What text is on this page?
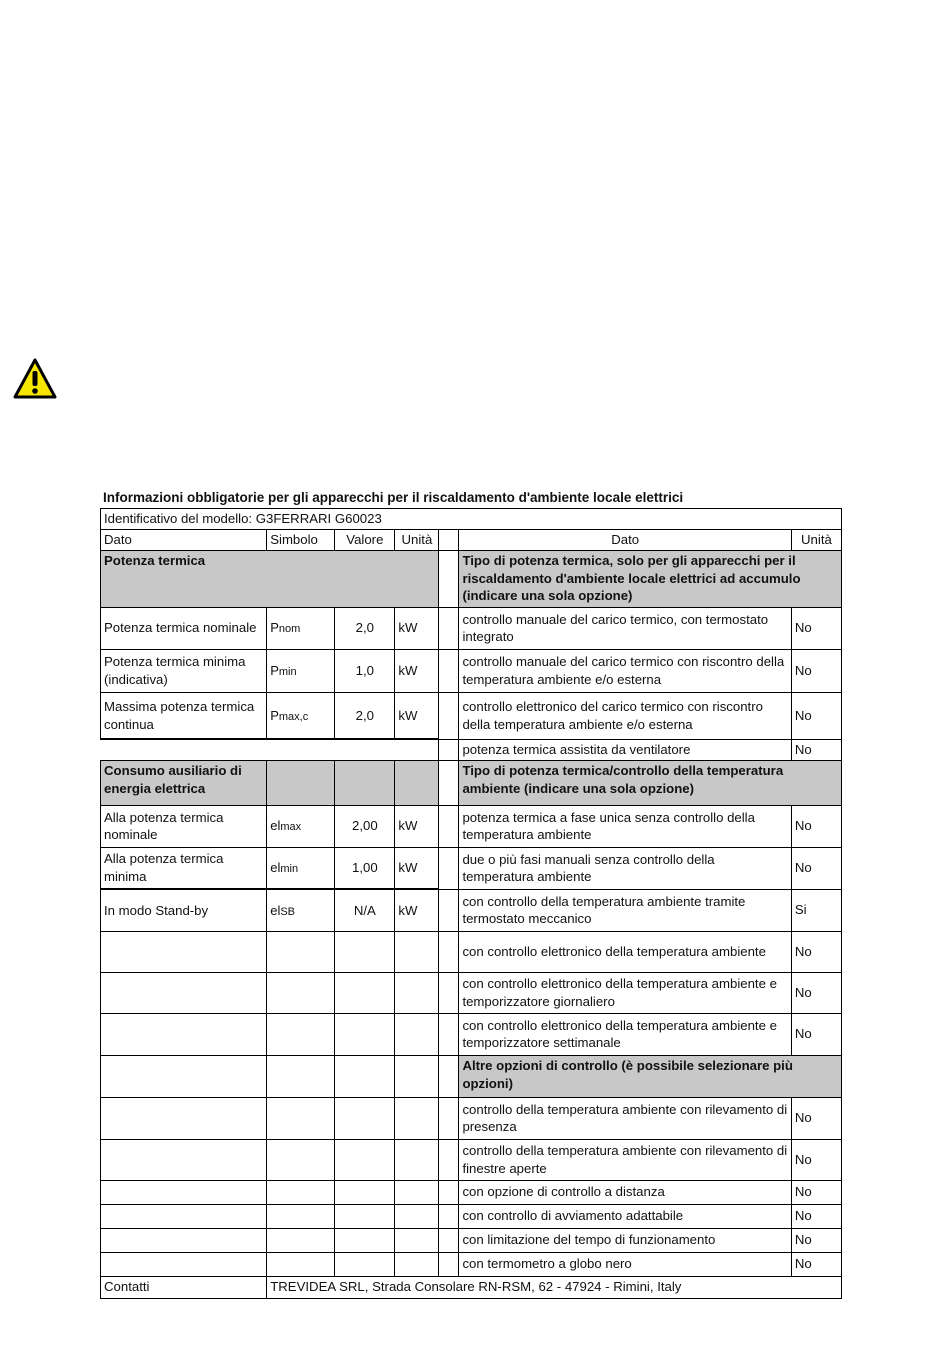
Informazioni obbligatorie per gli apparecchi per il riscaldamento d'ambiente locale elettrici
Identificativo del modello: G3FERRARI G60023						
Dato	Simbolo	Valore	Unità		Dato	Unità
Potenza termica					Tipo di potenza termica, solo per gli apparecchi per il riscaldamento d'ambiente locale elettrici ad accumulo (indicare una sola opzione)	
Potenza termica nominale	Pnom	2,0	kW		controllo manuale del carico termico, con termostato integrato	No
Potenza termica minima (indicativa)	Pmin	1,0	kW		controllo manuale del carico termico con riscontro della temperatura ambiente e/o esterna	No
Massima potenza termica continua	Pmax,c	2,0	kW		controllo elettronico del carico termico con riscontro della temperatura ambiente e/o esterna	No
					potenza termica assistita da ventilatore	No
Consumo ausiliario di energia elettrica					Tipo di potenza termica/controllo della temperatura ambiente (indicare una sola opzione)	
Alla potenza termica nominale	elmax	2,00	kW		potenza termica a fase unica senza controllo della temperatura ambiente	No
Alla potenza termica minima	elmin	1,00	kW		due o più fasi manuali senza controllo della temperatura ambiente	No
In modo Stand-by	elSB	N/A	kW		con controllo della temperatura ambiente tramite termostato meccanico	Si
					con controllo elettronico della temperatura ambiente	No
					con controllo elettronico della temperatura ambiente e temporizzatore giornaliero	No
					con controllo elettronico della temperatura ambiente e temporizzatore settimanale	No
					Altre opzioni di controllo (è possibile selezionare più opzioni)	
					controllo della temperatura ambiente con rilevamento di presenza	No
					controllo della temperatura ambiente con rilevamento di finestre aperte	No
					con opzione di controllo a distanza	No
					con controllo di avviamento adattabile	No
					con limitazione del tempo di funzionamento	No
					con termometro a globo nero	No
Contatti	TREVIDEA SRL, Strada Consolare RN-RSM, 62 - 47924 - Rimini, Italy					
